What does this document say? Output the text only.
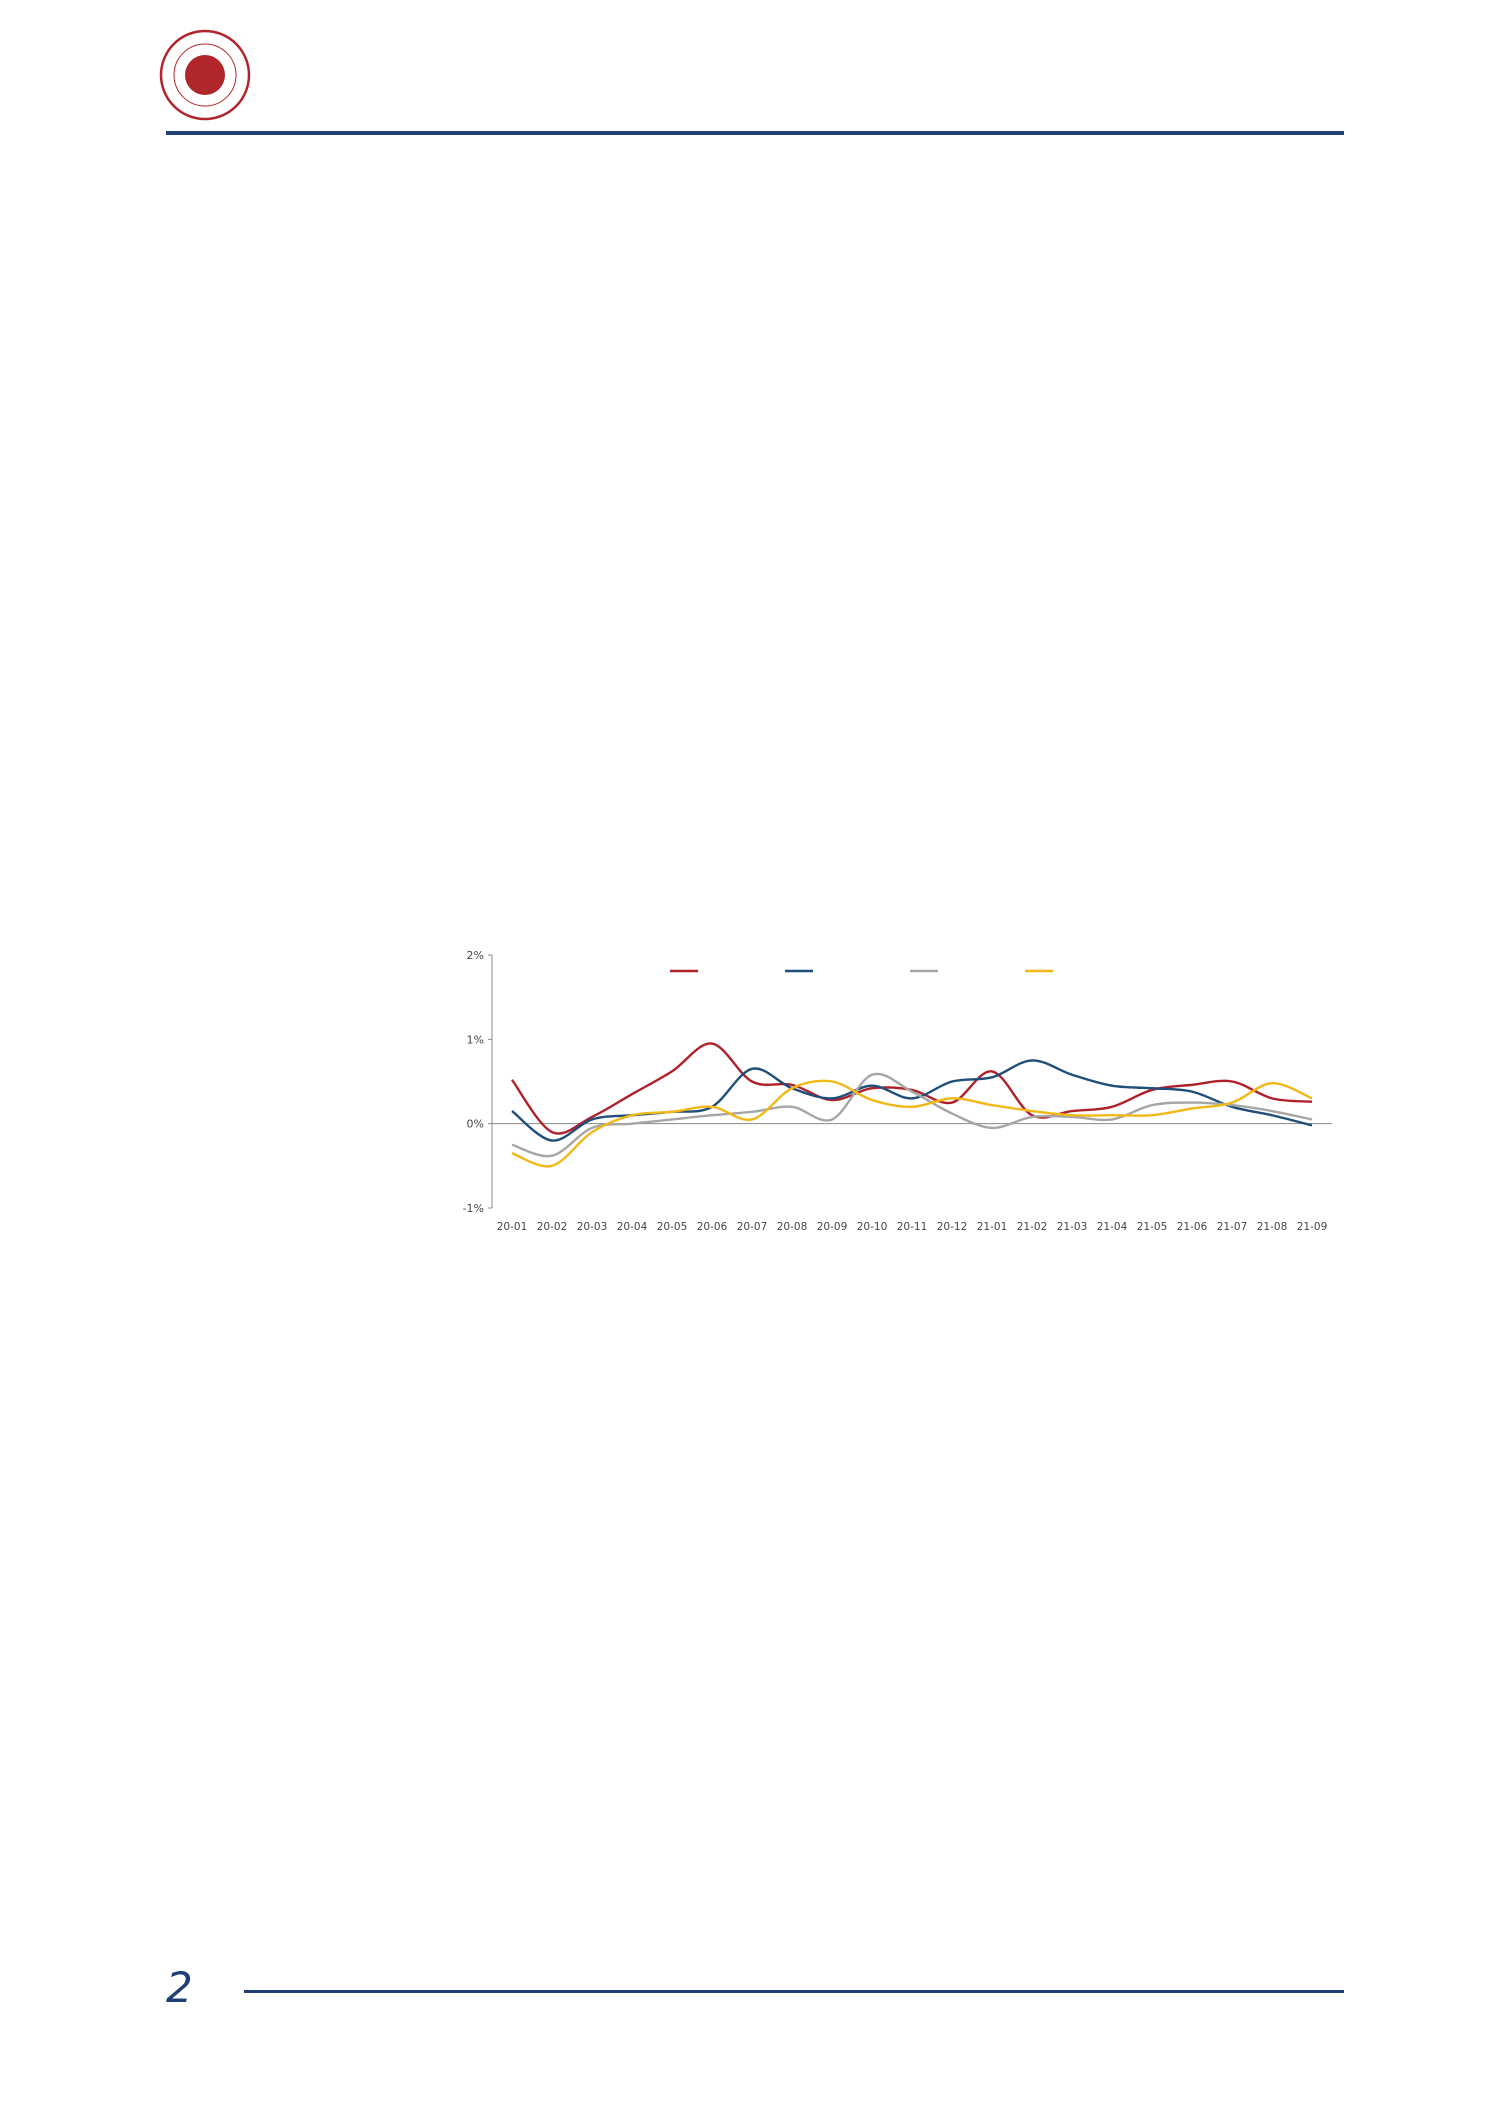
2%
1%
0%
-1%
20-01 20-02 20-03 20-04 20-05 20-06 20-07 20-08 20-09 20-10 20-11 20-12 21-01 21-02 21-03 21-04 21-05 21-06 21-07 21-08 21-09
2
